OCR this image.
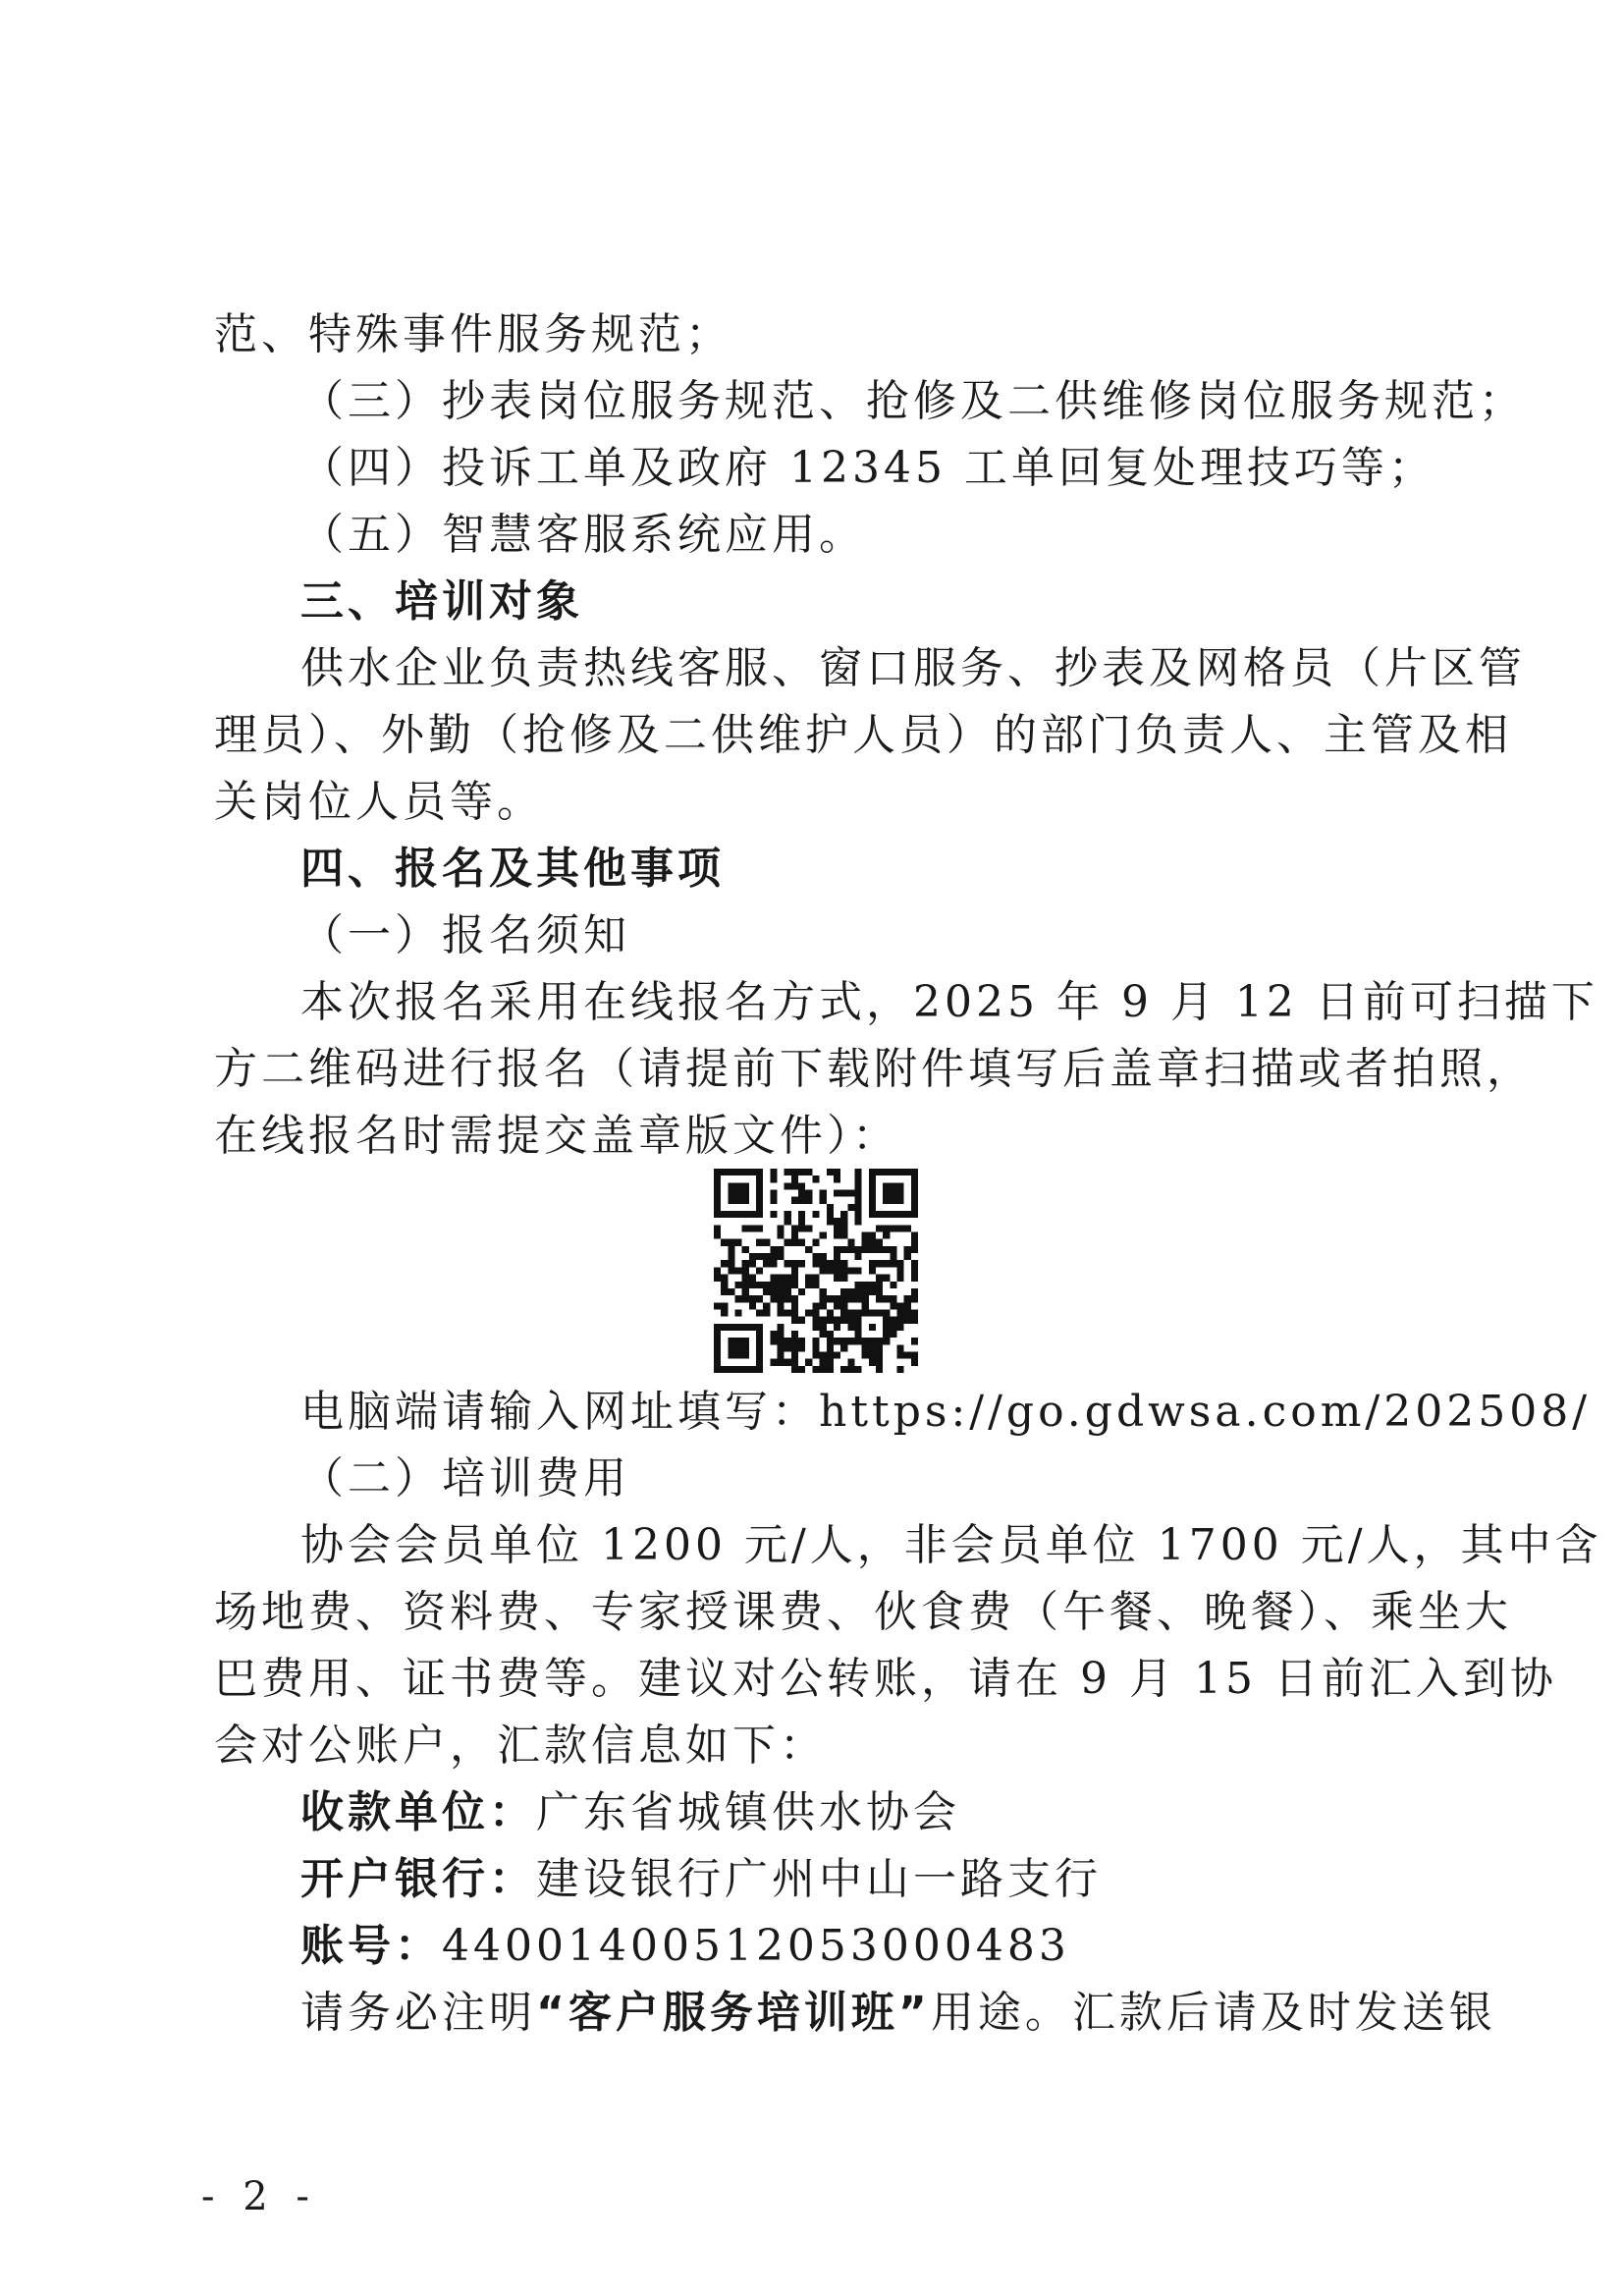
范、特殊事件服务规范；
（三）抄表岗位服务规范、抢修及二供维修岗位服务规范；
（四）投诉工单及政府 12345 工单回复处理技巧等；
（五）智慧客服系统应用。
三、培训对象
供水企业负责热线客服、窗口服务、抄表及网格员（片区管
理员）、外勤（抢修及二供维护人员）的部门负责人、主管及相
关岗位人员等。
四、报名及其他事项
（一）报名须知
本次报名采用在线报名方式，2025 年 9 月 12 日前可扫描下
方二维码进行报名（请提前下载附件填写后盖章扫描或者拍照，
在线报名时需提交盖章版文件）：
电脑端请输入网址填写：https://go.gdwsa.com/202508/
（二）培训费用
协会会员单位 1200 元/人，非会员单位 1700 元/人，其中含
场地费、资料费、专家授课费、伙食费（午餐、晚餐）、乘坐大
巴费用、证书费等。建议对公转账，请在 9 月 15 日前汇入到协
会对公账户，汇款信息如下：
收款单位：广东省城镇供水协会
开户银行：建设银行广州中山一路支行
账号：44001400512053000483
请务必注明“客户服务培训班”用途。汇款后请及时发送银
- 2 -
